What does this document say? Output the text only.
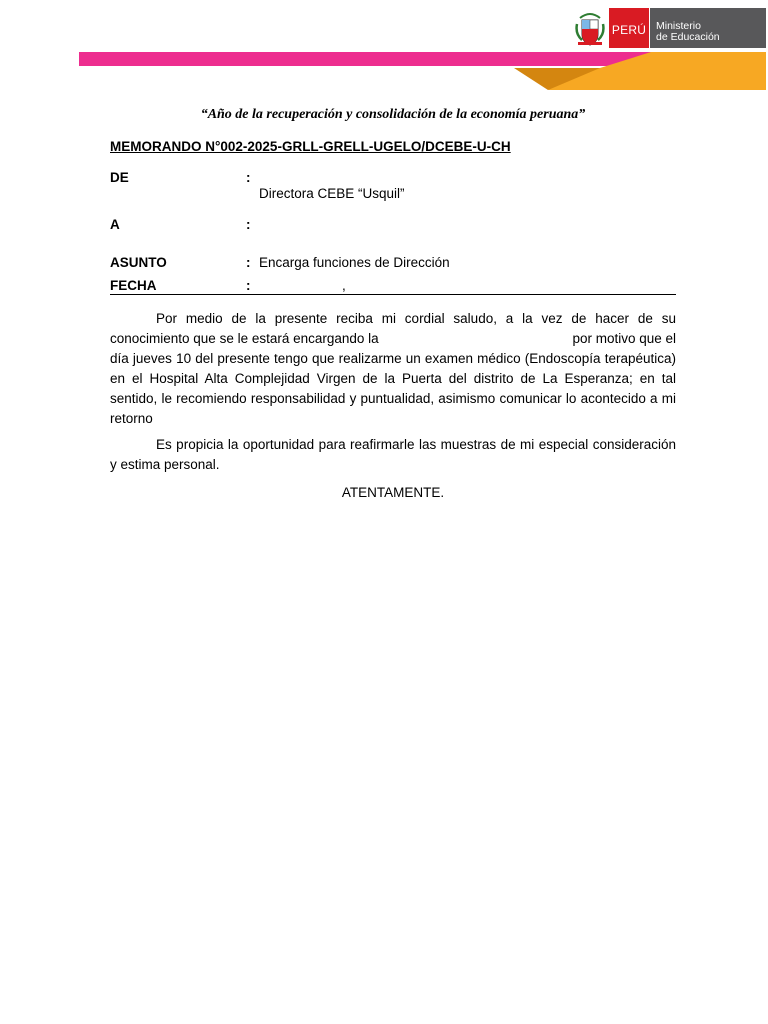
PERÚ Ministerio
de Educación
“Año de la recuperación y consolidación de la economía peruana”
MEMORANDO N°002-2025-GRLL-GRELL-UGELO/DCEBE-U-CH
DE	:
Directora CEBE “Usquil”
A	:
ASUNTO	: Encarga funciones de Dirección
FECHA	:	,
Por medio de la presente reciba mi cordial saludo, a la vez de hacer de su
conocimiento que se le estará encargando la	por motivo que el
día jueves 10 del presente tengo que realizarme un examen médico (Endoscopía terapéutica)
en el Hospital Alta Complejidad Virgen de la Puerta del distrito de La Esperanza; en tal
sentido, le recomiendo responsabilidad y puntualidad, asimismo comunicar lo acontecido a mi
retorno
Es propicia la oportunidad para reafirmarle las muestras de mi especial consideración
y estima personal.
ATENTAMENTE.
